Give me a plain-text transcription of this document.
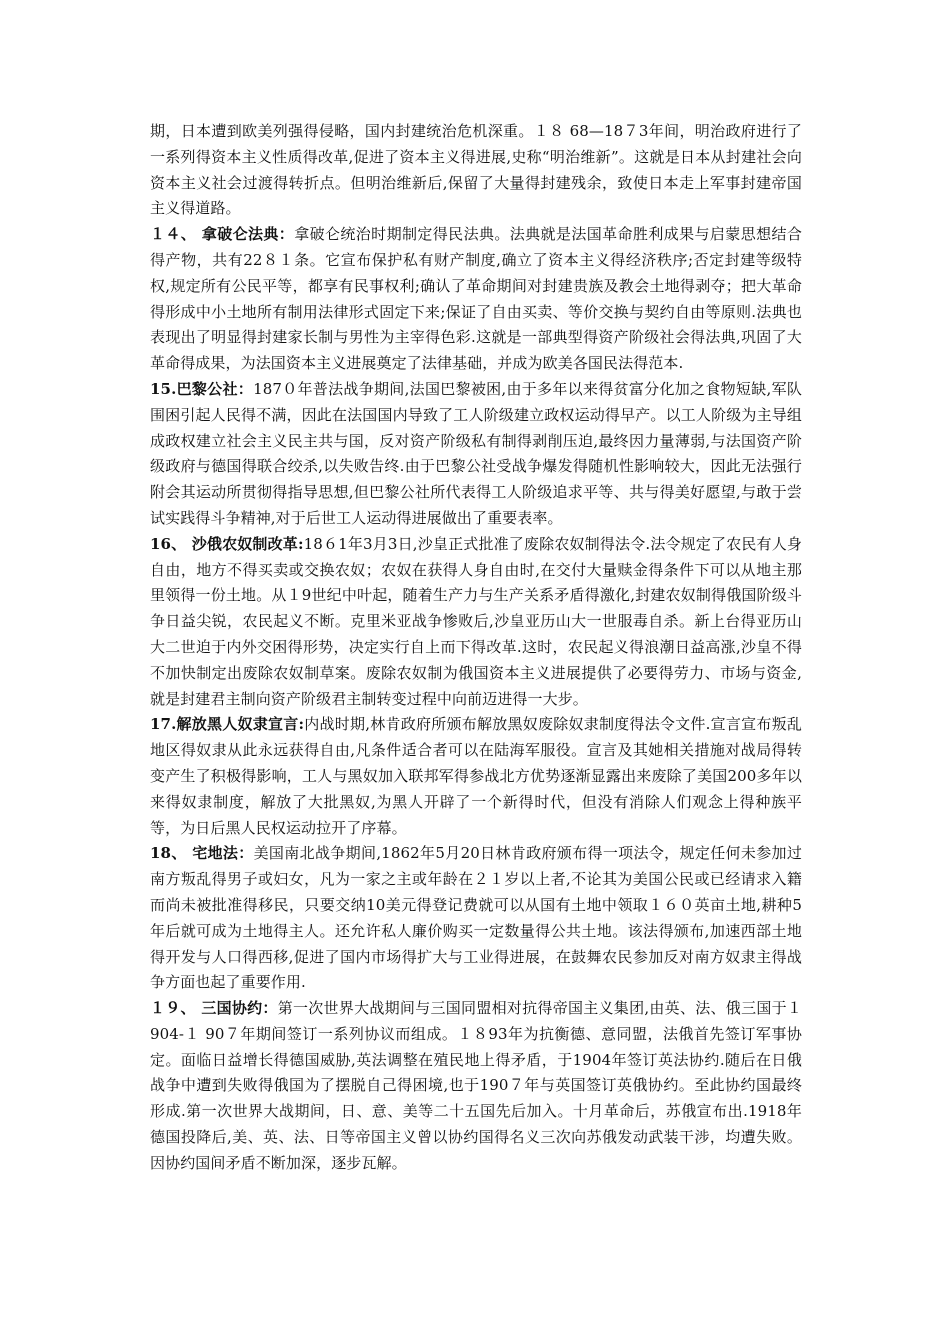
期，日本遭到欧美列强得侵略，国内封建统治危机深重。１８ 68—18７3年间，明治政府进行了一系列得资本主义性质得改革,促进了资本主义得进展,史称“明治维新”。这就是日本从封建社会向资本主义社会过渡得转折点。但明治维新后,保留了大量得封建残余，致使日本走上军事封建帝国主义得道路。

１４、 拿破仑法典：拿破仑统治时期制定得民法典。法典就是法国革命胜利成果与启蒙思想结合得产物，共有22８１条。它宣布保护私有财产制度,确立了资本主义得经济秩序;否定封建等级特权,规定所有公民平等，都享有民事权利;确认了革命期间对封建贵族及教会土地得剥夺；把大革命得形成中小土地所有制用法律形式固定下来;保证了自由买卖、等价交换与契约自由等原则.法典也表现出了明显得封建家长制与男性为主宰得色彩.这就是一部典型得资产阶级社会得法典,巩固了大革命得成果，为法国资本主义进展奠定了法律基础，并成为欧美各国民法得范本.

15.巴黎公社：187０年普法战争期间,法国巴黎被困,由于多年以来得贫富分化加之食物短缺,军队围困引起人民得不满，因此在法国国内导致了工人阶级建立政权运动得早产。以工人阶级为主导组成政权建立社会主义民主共与国，反对资产阶级私有制得剥削压迫,最终因力量薄弱,与法国资产阶级政府与德国得联合绞杀,以失败告终.由于巴黎公社受战争爆发得随机性影响较大，因此无法强行附会其运动所贯彻得指导思想,但巴黎公社所代表得工人阶级追求平等、共与得美好愿望,与敢于尝试实践得斗争精神,对于后世工人运动得进展做出了重要表率。

16、 沙俄农奴制改革:18６1年3月3日,沙皇正式批准了废除农奴制得法令.法令规定了农民有人身自由，地方不得买卖或交换农奴；农奴在获得人身自由时,在交付大量赎金得条件下可以从地主那里领得一份土地。从１9世纪中叶起，随着生产力与生产关系矛盾得激化,封建农奴制得俄国阶级斗争日益尖锐，农民起义不断。克里米亚战争惨败后,沙皇亚历山大一世服毒自杀。新上台得亚历山大二世迫于内外交困得形势，决定实行自上而下得改革.这时，农民起义得浪潮日益高涨,沙皇不得不加快制定出废除农奴制草案。废除农奴制为俄国资本主义进展提供了必要得劳力、市场与资金,就是封建君主制向资产阶级君主制转变过程中向前迈进得一大步。

17.解放黑人奴隶宣言:内战时期,林肯政府所颁布解放黑奴废除奴隶制度得法令文件.宣言宣布叛乱地区得奴隶从此永远获得自由,凡条件适合者可以在陆海军服役。宣言及其她相关措施对战局得转变产生了积极得影响，工人与黑奴加入联邦军得参战北方优势逐渐显露出来废除了美国200多年以来得奴隶制度，解放了大批黑奴,为黑人开辟了一个新得时代，但没有消除人们观念上得种族平等，为日后黑人民权运动拉开了序幕。

18、 宅地法：美国南北战争期间,1862年5月20日林肯政府颁布得一项法令，规定任何未参加过南方叛乱得男子或妇女，凡为一家之主或年龄在２１岁以上者,不论其为美国公民或已经请求入籍而尚未被批准得移民，只要交纳10美元得登记费就可以从国有土地中领取１６０英亩土地,耕种5年后就可成为土地得主人。还允许私人廉价购买一定数量得公共土地。该法得颁布,加速西部土地得开发与人口得西移,促进了国内市场得扩大与工业得进展，在鼓舞农民参加反对南方奴隶主得战争方面也起了重要作用.

１９、 三国协约：第一次世界大战期间与三国同盟相对抗得帝国主义集团,由英、法、俄三国于１ 904-１ 90７年期间签订一系列协议而组成。１８93年为抗衡德、意同盟，法俄首先签订军事协定。面临日益增长得德国威胁,英法调整在殖民地上得矛盾，于1904年签订英法协约.随后在日俄战争中遭到失败得俄国为了摆脱自己得困境,也于190７年与英国签订英俄协约。至此协约国最终形成.第一次世界大战期间，日、意、美等二十五国先后加入。十月革命后，苏俄宣布出.1918年德国投降后,美、英、法、日等帝国主义曾以协约国得名义三次向苏俄发动武装干涉，均遭失败。因协约国间矛盾不断加深，逐步瓦解。
